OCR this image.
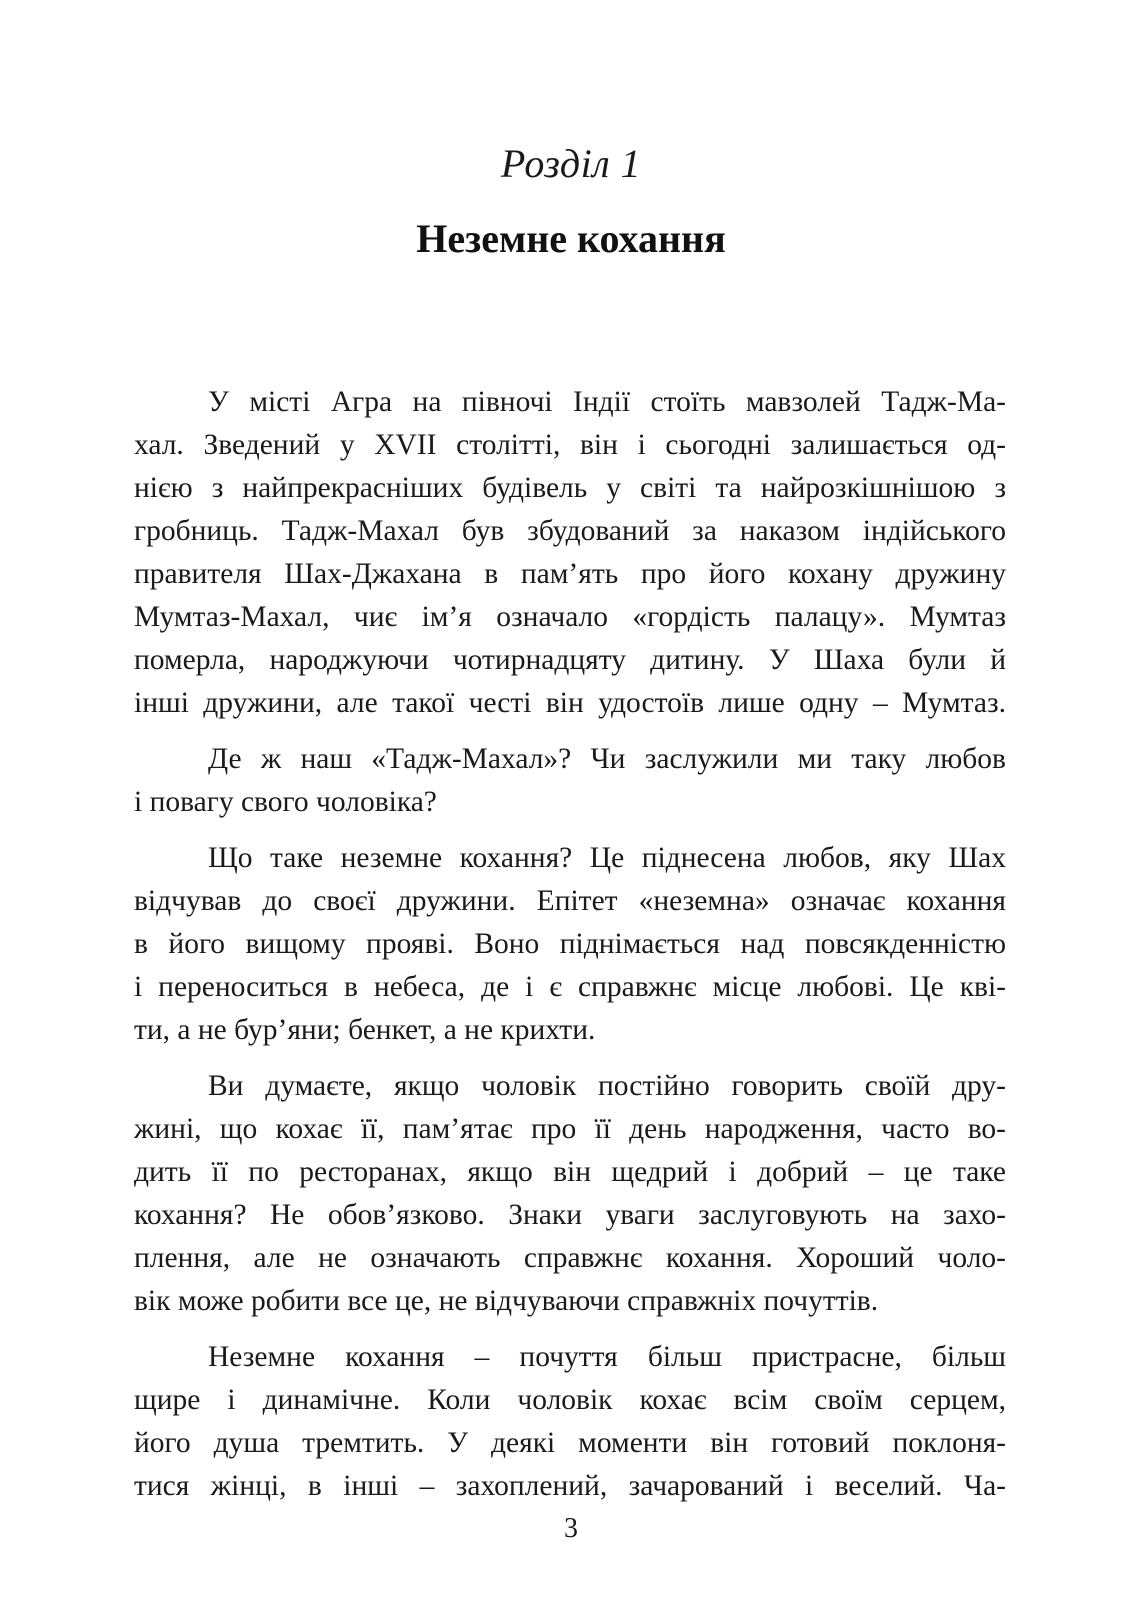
Розділ 1
Неземне кохання
У місті Агра на півночі Індії стоїть мавзолей Тадж-Ма-
хал. Зведений у XVII столітті, він і сьогодні залишається од-
нією з найпрекрасніших будівель у світі та найрозкішнішою з
гробниць. Тадж-Махал був збудований за наказом індійського
правителя Шах-Джахана в пам’ять про його кохану дружину
Мумтаз-Махал, чиє ім’я означало «гордість палацу». Мумтаз
померла, народжуючи чотирнадцяту дитину. У Шаха були й
інші дружини, але такої честі він удостоїв лише одну – Мумтаз.
Де ж наш «Тадж-Махал»? Чи заслужили ми таку любов
і повагу свого чоловіка?
Що таке неземне кохання? Це піднесена любов, яку Шах
відчував до своєї дружини. Епітет «неземна» означає кохання
в його вищому прояві. Воно піднімається над повсякденністю
і переноситься в небеса, де і є справжнє місце любові. Це кві-
ти, а не бур’яни; бенкет, а не крихти.
Ви думаєте, якщо чоловік постійно говорить своїй дру-
жині, що кохає її, пам’ятає про її день народження, часто во-
дить її по ресторанах, якщо він щедрий і добрий – це таке
кохання? Не обов’язково. Знаки уваги заслуговують на захо-
плення, але не означають справжнє кохання. Хороший чоло-
вік може робити все це, не відчуваючи справжніх почуттів.
Неземне кохання – почуття більш пристрасне, більш
щире і динамічне. Коли чоловік кохає всім своїм серцем,
його душа тремтить. У деякі моменти він готовий поклоня-
тися жінці, в інші – захоплений, зачарований і веселий. Ча-
3
